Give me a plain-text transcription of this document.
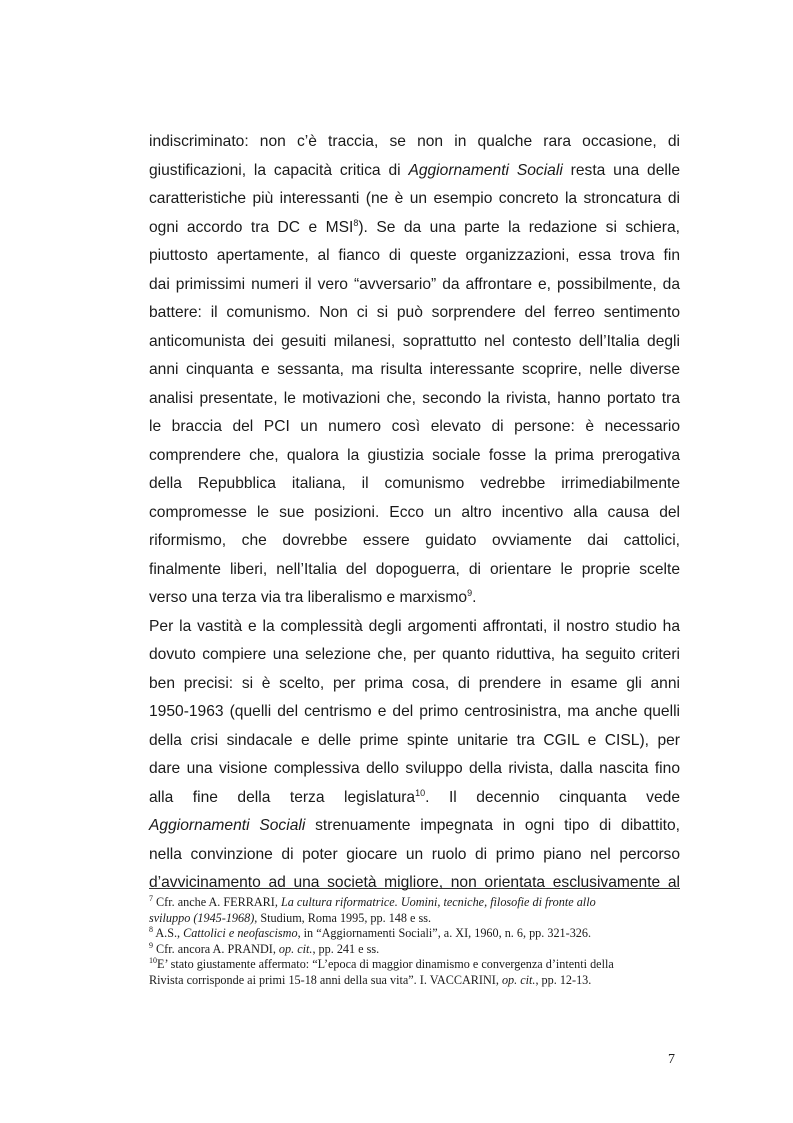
indiscriminato: non c’è traccia, se non in qualche rara occasione, di
giustificazioni, la capacità critica di Aggiornamenti Sociali resta una delle
caratteristiche più interessanti (ne è un esempio concreto la stroncatura di
ogni accordo tra DC e MSI$^8$). Se da una parte la redazione si schiera,
piuttosto apertamente, al fianco di queste organizzazioni, essa trova fin
dai primissimi numeri il vero “avversario” da affrontare e, possibilmente, da
battere: il comunismo. Non ci si può sorprendere del ferreo sentimento
anticomunista dei gesuiti milanesi, soprattutto nel contesto dell’Italia degli
anni cinquanta e sessanta, ma risulta interessante scoprire, nelle diverse
analisi presentate, le motivazioni che, secondo la rivista, hanno portato tra
le braccia del PCI un numero così elevato di persone: è necessario
comprendere che, qualora la giustizia sociale fosse la prima prerogativa
della Repubblica italiana, il comunismo vedrebbe irrimediabilmente
compromesse le sue posizioni. Ecco un altro incentivo alla causa del
riformismo, che dovrebbe essere guidato ovviamente dai cattolici,
finalmente liberi, nell’Italia del dopoguerra, di orientare le proprie scelte
verso una terza via tra liberalismo e marxismo$^9$.
Per la vastità e la complessità degli argomenti affrontati, il nostro studio ha
dovuto compiere una selezione che, per quanto riduttiva, ha seguito criteri
ben precisi: si è scelto, per prima cosa, di prendere in esame gli anni
1950-1963 (quelli del centrismo e del primo centrosinistra, ma anche quelli
della crisi sindacale e delle prime spinte unitarie tra CGIL e CISL), per
dare una visione complessiva dello sviluppo della rivista, dalla nascita fino
alla fine della terza legislatura$^{10}$. Il decennio cinquanta vede
Aggiornamenti Sociali strenuamente impegnata in ogni tipo di dibattito,
nella convinzione di poter giocare un ruolo di primo piano nel percorso
d’avvicinamento ad una società migliore, non orientata esclusivamente al
$^7$ Cfr. anche A. FERRARI, La cultura riformatrice. Uomini, tecniche, filosofie di fronte allo
sviluppo (1945-1968), Studium, Roma 1995, pp. 148 e ss.
$^8$ A.S., Cattolici e neofascismo, in “Aggiornamenti Sociali”, a. XI, 1960, n. 6, pp. 321-326.
$^9$ Cfr. ancora A. PRANDI, op. cit., pp. 241 e ss.
$^{10}$E’ stato giustamente affermato: “L’epoca di maggior dinamismo e convergenza d’intenti della
Rivista corrisponde ai primi 15-18 anni della sua vita”. I. VACCARINI, op. cit., pp. 12-13.
7
